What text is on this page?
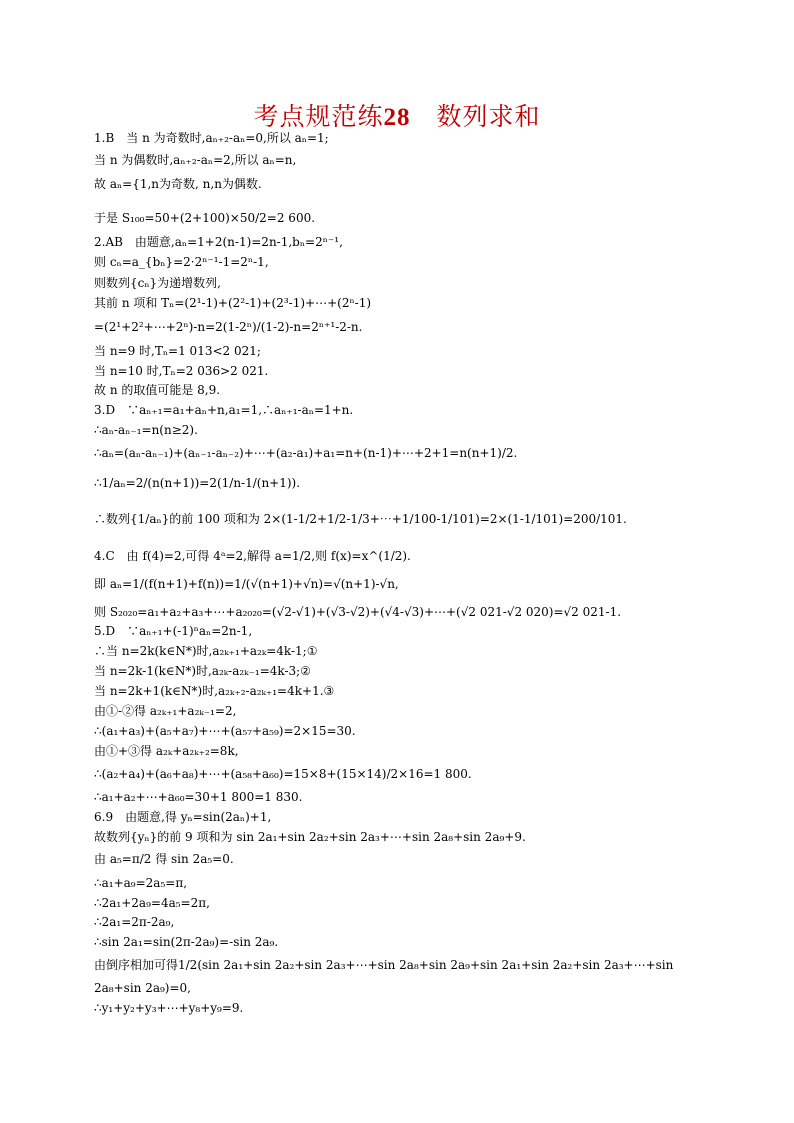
考点规范练28　 数列求和
1.B　当 n 为奇数时,aₙ₊₂-aₙ=0,所以 aₙ=1;
当 n 为偶数时,aₙ₊₂-aₙ=2,所以 aₙ=n,
故 aₙ={1,n为奇数, n,n为偶数.
于是 S₁₀₀=50+(2+100)×50/2=2 600.
2.AB　由题意,aₙ=1+2(n-1)=2n-1,bₙ=2ⁿ⁻¹,
则 cₙ=a_{bₙ}=2·2ⁿ⁻¹-1=2ⁿ-1,
则数列{cₙ}为递增数列,
其前 n 项和 Tₙ=(2¹-1)+(2²-1)+(2³-1)+⋯+(2ⁿ-1)
=(2¹+2²+⋯+2ⁿ)-n=2(1-2ⁿ)/(1-2)-n=2ⁿ⁺¹-2-n.
当 n=9 时,Tₙ=1 013<2 021;
当 n=10 时,Tₙ=2 036>2 021.
故 n 的取值可能是 8,9.
3.D　∵aₙ₊₁=a₁+aₙ+n,a₁=1,∴aₙ₊₁-aₙ=1+n.
∴aₙ-aₙ₋₁=n(n≥2).
∴aₙ=(aₙ-aₙ₋₁)+(aₙ₋₁-aₙ₋₂)+⋯+(a₂-a₁)+a₁=n+(n-1)+⋯+2+1=n(n+1)/2.
∴1/aₙ=2/(n(n+1))=2(1/n-1/(n+1)).
∴数列{1/aₙ}的前 100 项和为 2×(1-1/2+1/2-1/3+⋯+1/100-1/101)=2×(1-1/101)=200/101.
4.C　由 f(4)=2,可得 4ᵃ=2,解得 a=1/2,则 f(x)=x^(1/2).
即 aₙ=1/(f(n+1)+f(n))=1/(√(n+1)+√n)=√(n+1)-√n,
则 S₂₀₂₀=a₁+a₂+a₃+⋯+a₂₀₂₀=(√2-√1)+(√3-√2)+(√4-√3)+⋯+(√2 021-√2 020)=√2 021-1.
5.D　∵aₙ₊₁+(-1)ⁿaₙ=2n-1,
∴当 n=2k(k∈N*)时,a₂ₖ₊₁+a₂ₖ=4k-1;①
当 n=2k-1(k∈N*)时,a₂ₖ-a₂ₖ₋₁=4k-3;②
当 n=2k+1(k∈N*)时,a₂ₖ₊₂-a₂ₖ₊₁=4k+1.③
由①-②得 a₂ₖ₊₁+a₂ₖ₋₁=2,
∴(a₁+a₃)+(a₅+a₇)+⋯+(a₅₇+a₅₉)=2×15=30.
由①+③得 a₂ₖ+a₂ₖ₊₂=8k,
∴(a₂+a₄)+(a₆+a₈)+⋯+(a₅₈+a₆₀)=15×8+(15×14)/2×16=1 800.
∴a₁+a₂+⋯+a₆₀=30+1 800=1 830.
6.9　由题意,得 yₙ=sin(2aₙ)+1,
故数列{yₙ}的前 9 项和为 sin 2a₁+sin 2a₂+sin 2a₃+⋯+sin 2a₈+sin 2a₉+9.
由 a₅=π/2 得 sin 2a₅=0.
∴a₁+a₉=2a₅=π,
∴2a₁+2a₉=4a₅=2π,
∴2a₁=2π-2a₉,
∴sin 2a₁=sin(2π-2a₉)=-sin 2a₉.
由倒序相加可得1/2(sin 2a₁+sin 2a₂+sin 2a₃+⋯+sin 2a₈+sin 2a₉+sin 2a₁+sin 2a₂+sin 2a₃+⋯+sin
2a₈+sin 2a₉)=0,
∴y₁+y₂+y₃+⋯+y₈+y₉=9.
